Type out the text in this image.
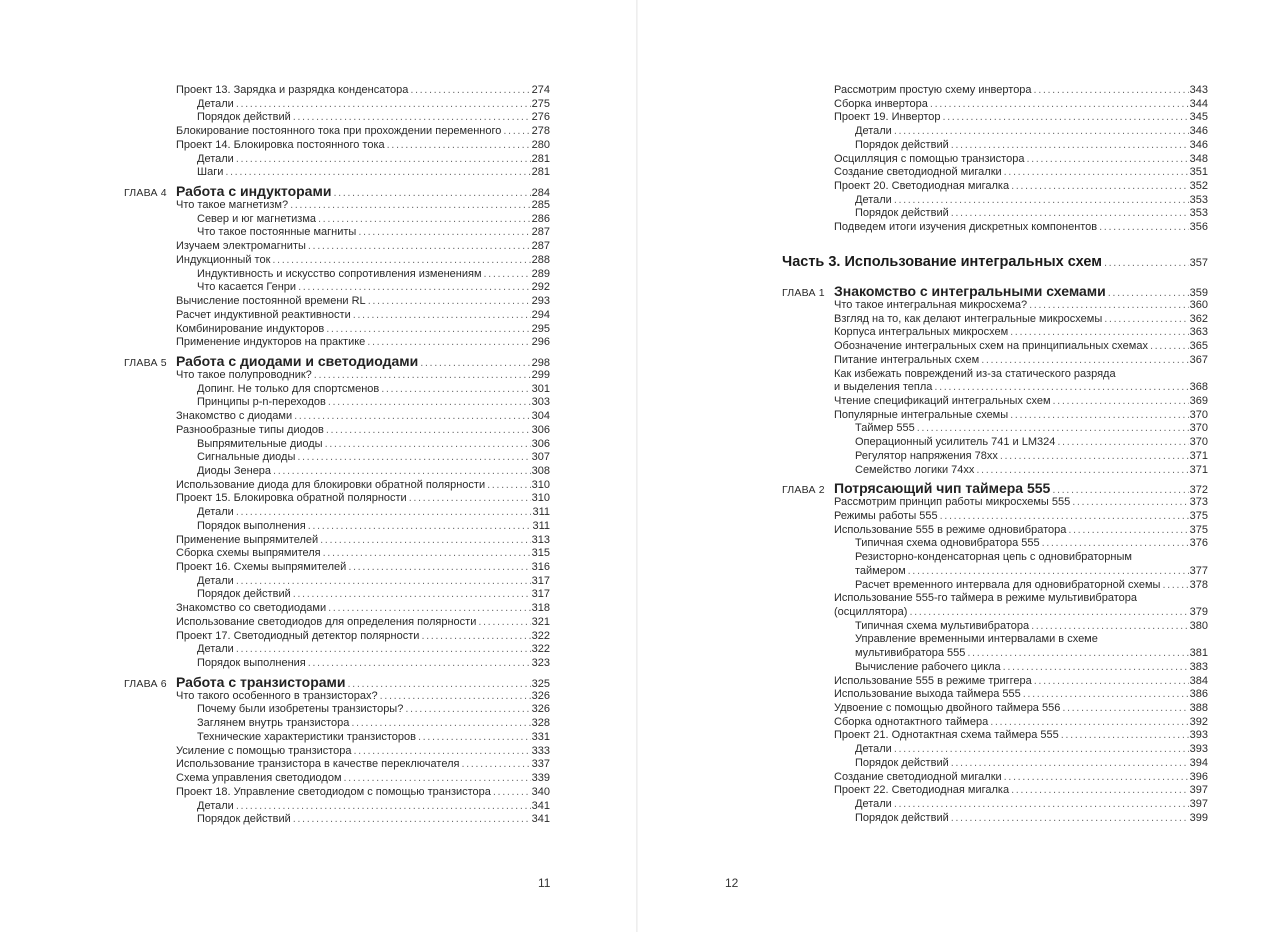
Проект 13. Зарядка и разрядка конденсатора .....	274
Детали .....	275
Порядок действий .....	276
Блокирование постоянного тока при прохождении переменного .....	278
Проект 14. Блокировка постоянного тока .....	280
Детали .....	281
Шаги .....	281
ГЛАВА 4 Работа с индукторами .....	284
Что такое магнетизм? .....	285
Север и юг магнетизма .....	286
Что такое постоянные магниты .....	287
Изучаем электромагниты .....	287
Индукционный ток .....	288
Индуктивность и искусство сопротивления изменениям .....	289
Что касается Генри .....	292
Вычисление постоянной времени RL .....	293
Расчет индуктивной реактивности .....	294
Комбинирование индукторов .....	295
Применение индукторов на практике .....	296
ГЛАВА 5 Работа с диодами и светодиодами .....	298
Что такое полупроводник? .....	299
Допинг. Не только для спортсменов .....	301
Принципы p-n-переходов .....	303
Знакомство с диодами .....	304
Разнообразные типы диодов .....	306
Выпрямительные диоды .....	306
Сигнальные диоды .....	307
Диоды Зенера .....	308
Использование диода для блокировки обратной полярности .....	310
Проект 15. Блокировка обратной полярности .....	310
Детали .....	311
Порядок выполнения .....	311
Применение выпрямителей .....	313
Сборка схемы выпрямителя .....	315
Проект 16. Схемы выпрямителей .....	316
Детали .....	317
Порядок действий .....	317
Знакомство со светодиодами .....	318
Использование светодиодов для определения полярности .....	321
Проект 17. Светодиодный детектор полярности .....	322
Детали .....	322
Порядок выполнения .....	323
ГЛАВА 6 Работа с транзисторами .....	325
Что такого особенного в транзисторах? .....	326
Почему были изобретены транзисторы? .....	326
Заглянем внутрь транзистора .....	328
Технические характеристики транзисторов .....	331
Усиление с помощью транзистора .....	333
Использование транзистора в качестве переключателя .....	337
Схема управления светодиодом .....	339
Проект 18. Управление светодиодом с помощью транзистора .....	340
Детали .....	341
Порядок действий .....	341
11
Рассмотрим простую схему инвертора .....	343
Сборка инвертора .....	344
Проект 19. Инвертор .....	345
Детали .....	346
Порядок действий .....	346
Осцилляция с помощью транзистора .....	348
Создание светодиодной мигалки .....	351
Проект 20. Светодиодная мигалка .....	352
Детали .....	353
Порядок действий .....	353
Подведем итоги изучения дискретных компонентов .....	356
Часть 3. Использование интегральных схем .....	357
ГЛАВА 1 Знакомство с интегральными схемами .....	359
Что такое интегральная микросхема? .....	360
Взгляд на то, как делают интегральные микросхемы .....	362
Корпуса интегральных микросхем .....	363
Обозначение интегральных схем на принципиальных схемах .....	365
Питание интегральных схем .....	367
Как избежать повреждений из-за статического разряда
и выделения тепла .....	368
Чтение спецификаций интегральных схем .....	369
Популярные интегральные схемы .....	370
Таймер 555 .....	370
Операционный усилитель 741 и LM324 .....	370
Регулятор напряжения 78xx .....	371
Семейство логики 74xx .....	371
ГЛАВА 2 Потрясающий чип таймера 555 .....	372
Рассмотрим принцип работы микросхемы 555 .....	373
Режимы работы 555 .....	375
Использование 555 в режиме одновибратора .....	375
Типичная схема одновибратора 555 .....	376
Резисторно-конденсаторная цепь с одновибраторным
таймером .....	377
Расчет временного интервала для одновибраторной схемы .....	378
Использование 555-го таймера в режиме мультивибратора
(осциллятора) .....	379
Типичная схема мультивибратора .....	380
Управление временными интервалами в схеме
мультивибратора 555 .....	381
Вычисление рабочего цикла .....	383
Использование 555 в режиме триггера .....	384
Использование выхода таймера 555 .....	386
Удвоение с помощью двойного таймера 556 .....	388
Сборка однотактного таймера .....	392
Проект 21. Однотактная схема таймера 555 .....	393
Детали .....	393
Порядок действий .....	394
Создание светодиодной мигалки .....	396
Проект 22. Светодиодная мигалка .....	397
Детали .....	397
Порядок действий .....	399
12
